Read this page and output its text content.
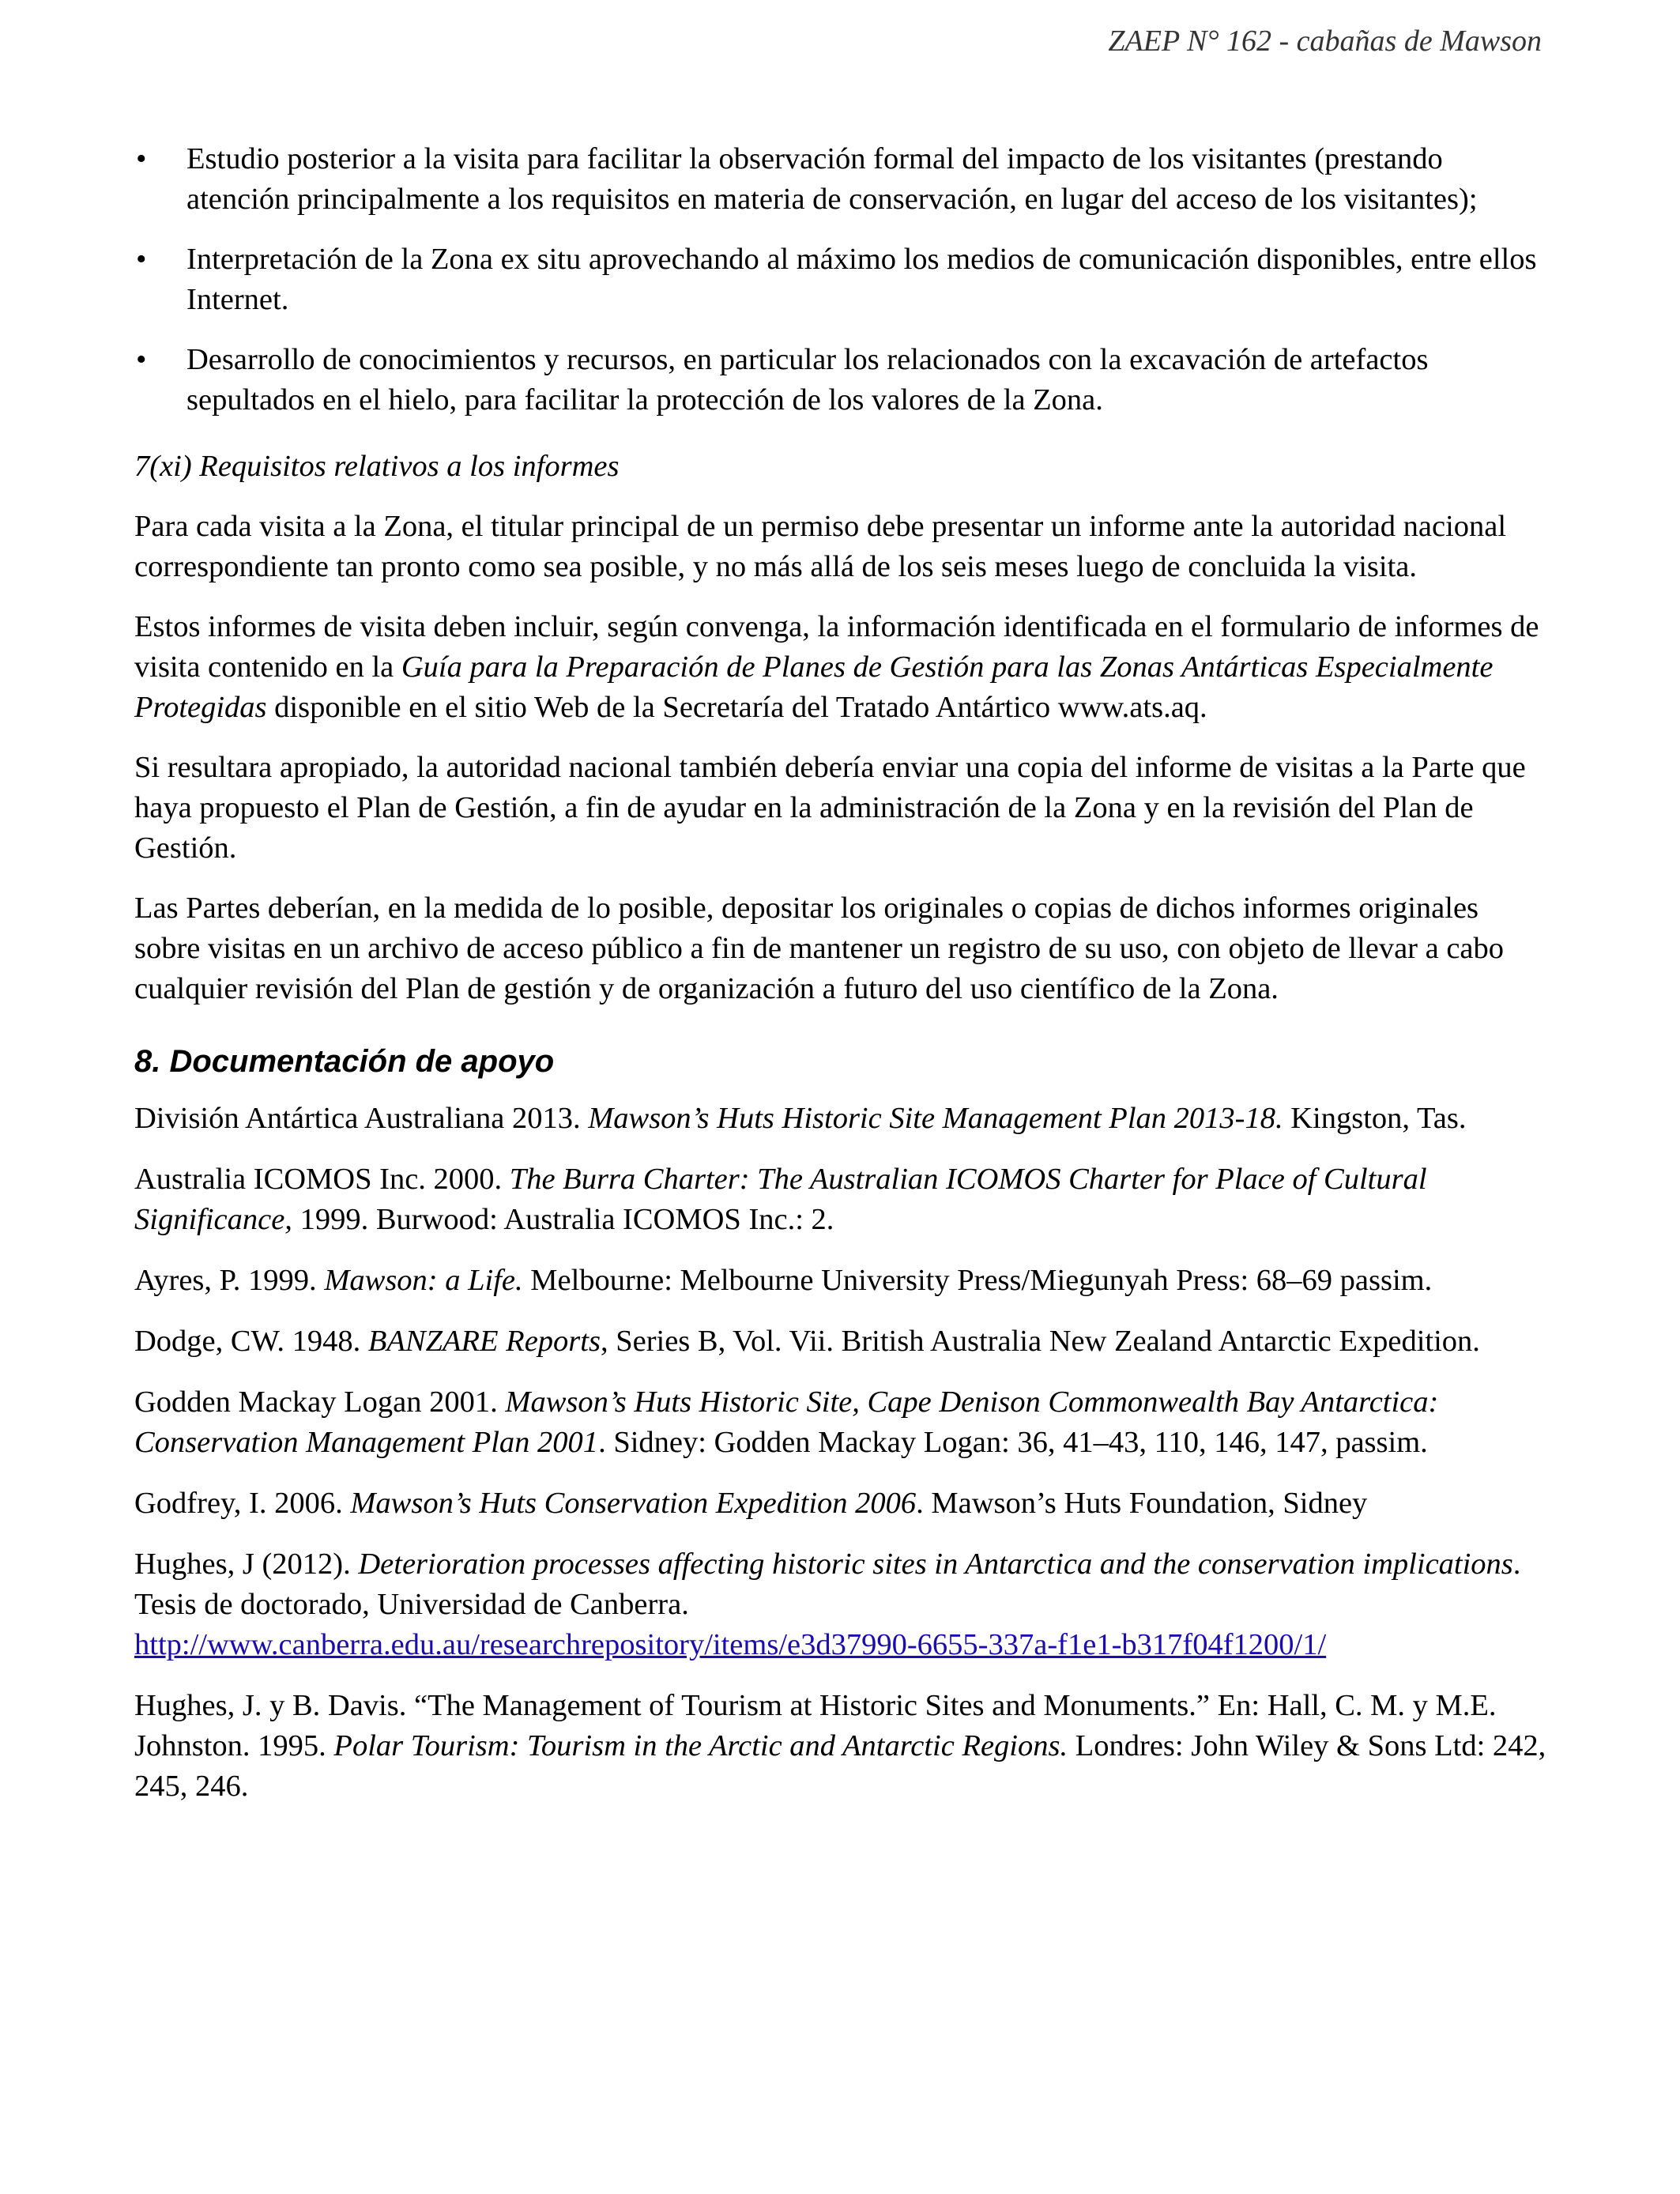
ZAEP N° 162 - cabañas de Mawson
• Estudio posterior a la visita para facilitar la observación formal del impacto de los visitantes (prestando atención principalmente a los requisitos en materia de conservación, en lugar del acceso de los visitantes);
• Interpretación de la Zona ex situ aprovechando al máximo los medios de comunicación disponibles, entre ellos Internet.
• Desarrollo de conocimientos y recursos, en particular los relacionados con la excavación de artefactos sepultados en el hielo, para facilitar la protección de los valores de la Zona.
7(xi) Requisitos relativos a los informes

Para cada visita a la Zona, el titular principal de un permiso debe presentar un informe ante la autoridad nacional correspondiente tan pronto como sea posible, y no más allá de los seis meses luego de concluida la visita.

Estos informes de visita deben incluir, según convenga, la información identificada en el formulario de informes de visita contenido en la Guía para la Preparación de Planes de Gestión para las Zonas Antárticas Especialmente Protegidas disponible en el sitio Web de la Secretaría del Tratado Antártico www.ats.aq.

Si resultara apropiado, la autoridad nacional también debería enviar una copia del informe de visitas a la Parte que haya propuesto el Plan de Gestión, a fin de ayudar en la administración de la Zona y en la revisión del Plan de Gestión.

Las Partes deberían, en la medida de lo posible, depositar los originales o copias de dichos informes originales sobre visitas en un archivo de acceso público a fin de mantener un registro de su uso, con objeto de llevar a cabo cualquier revisión del Plan de gestión y de organización a futuro del uso científico de la Zona.

8. Documentación de apoyo
División Antártica Australiana 2013. Mawson’s Huts Historic Site Management Plan 2013-18. Kingston, Tas.
Australia ICOMOS Inc. 2000. The Burra Charter: The Australian ICOMOS Charter for Place of Cultural Significance, 1999. Burwood: Australia ICOMOS Inc.: 2.
Ayres, P. 1999. Mawson: a Life. Melbourne: Melbourne University Press/Miegunyah Press: 68–69 passim.
Dodge, CW. 1948. BANZARE Reports, Series B, Vol. Vii. British Australia New Zealand Antarctic Expedition.
Godden Mackay Logan 2001. Mawson’s Huts Historic Site, Cape Denison Commonwealth Bay Antarctica: Conservation Management Plan 2001. Sidney: Godden Mackay Logan: 36, 41–43, 110, 146, 147, passim.
Godfrey, I. 2006. Mawson’s Huts Conservation Expedition 2006. Mawson’s Huts Foundation, Sidney
Hughes, J (2012). Deterioration processes affecting historic sites in Antarctica and the conservation implications. Tesis de doctorado, Universidad de Canberra.
http://www.canberra.edu.au/researchrepository/items/e3d37990-6655-337a-f1e1-b317f04f1200/1/
Hughes, J. y B. Davis. “The Management of Tourism at Historic Sites and Monuments.” En: Hall, C. M. y M.E. Johnston. 1995. Polar Tourism: Tourism in the Arctic and Antarctic Regions. Londres: John Wiley & Sons Ltd: 242, 245, 246.
